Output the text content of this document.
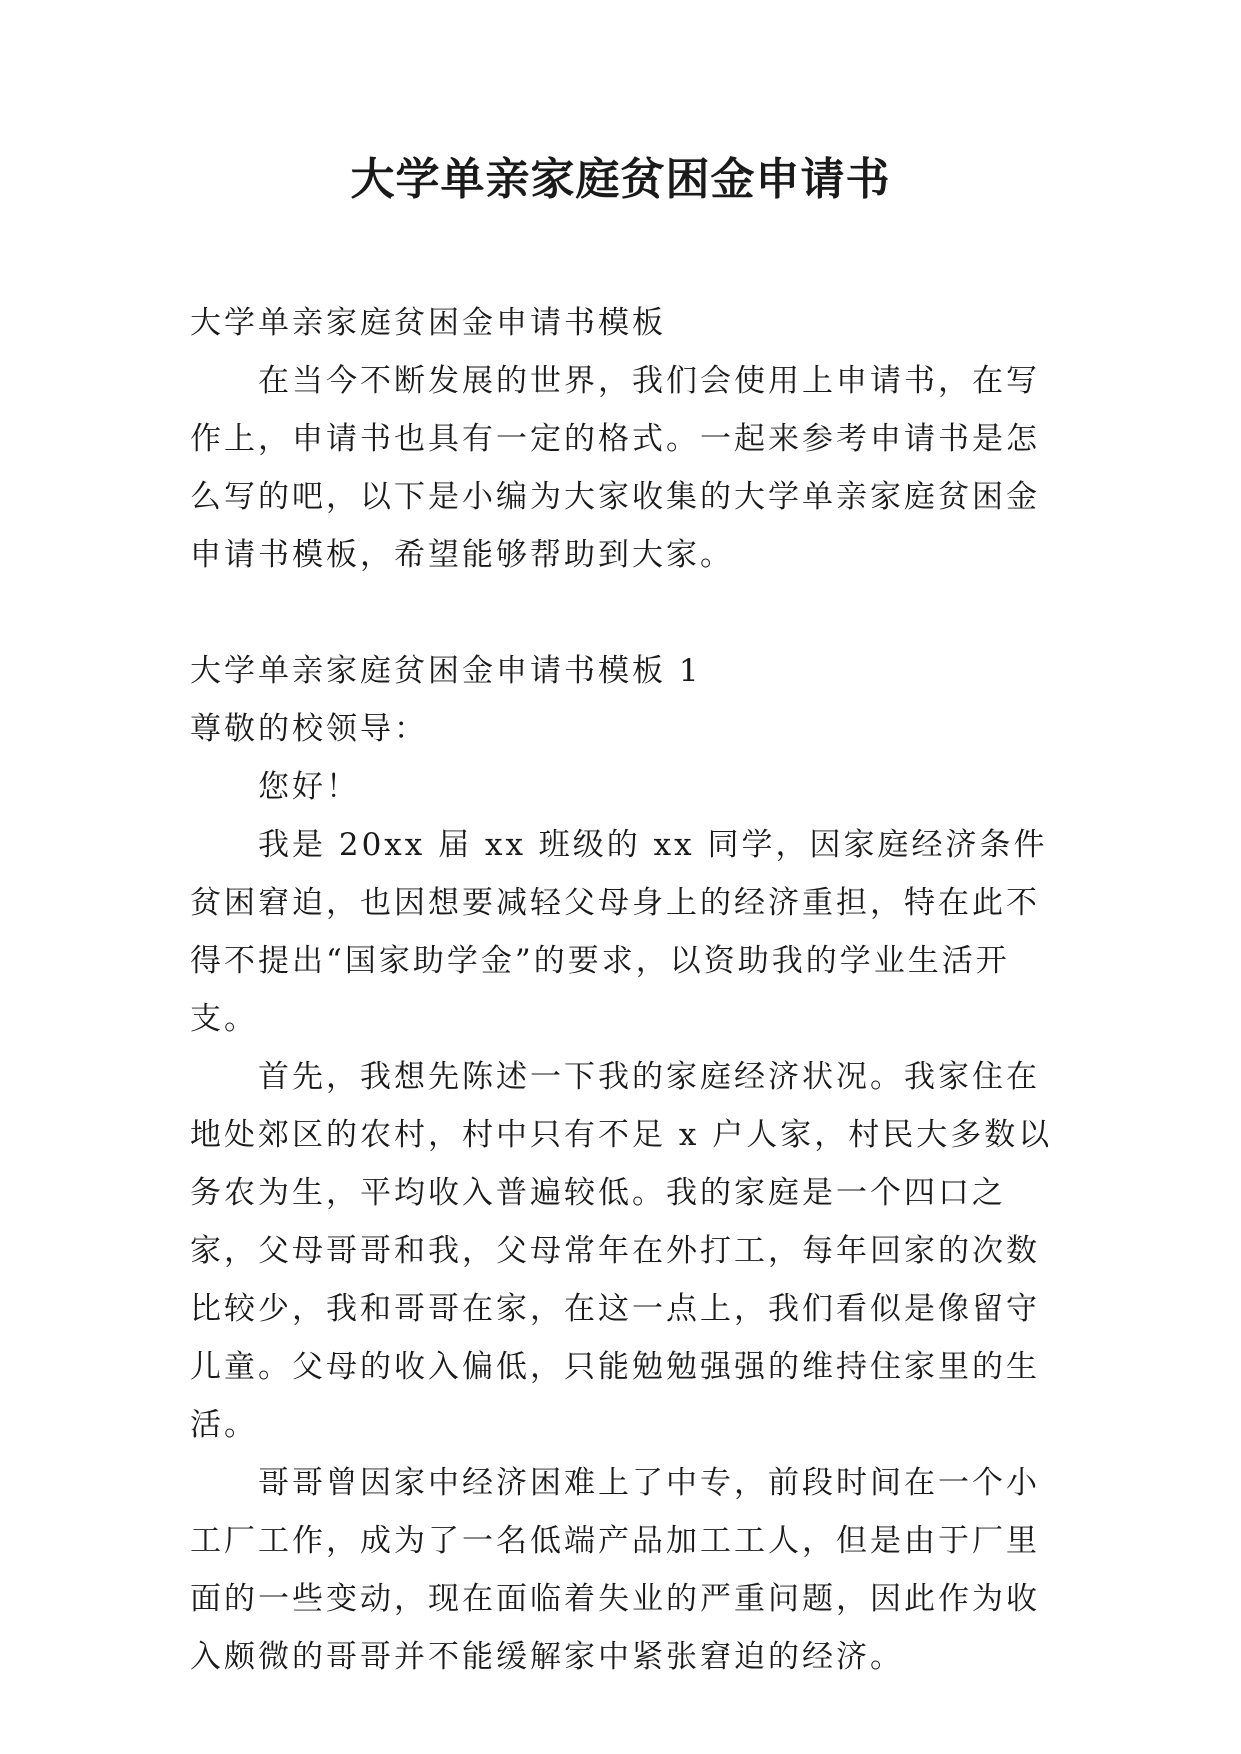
大学单亲家庭贫困金申请书

大学单亲家庭贫困金申请书模板

在当今不断发展的世界，我们会使用上申请书，在写作上，申请书也具有一定的格式。一起来参考申请书是怎么写的吧，以下是小编为大家收集的大学单亲家庭贫困金申请书模板，希望能够帮助到大家。

大学单亲家庭贫困金申请书模板 1

尊敬的校领导：

您好！

我是 20xx 届 xx 班级的 xx 同学，因家庭经济条件贫困窘迫，也因想要减轻父母身上的经济重担，特在此不得不提出“国家助学金”的要求，以资助我的学业生活开支。

首先，我想先陈述一下我的家庭经济状况。我家住在地处郊区的农村，村中只有不足 x 户人家，村民大多数以务农为生，平均收入普遍较低。我的家庭是一个四口之家，父母哥哥和我，父母常年在外打工，每年回家的次数比较少，我和哥哥在家，在这一点上，我们看似是像留守儿童。父母的收入偏低，只能勉勉强强的维持住家里的生活。

哥哥曾因家中经济困难上了中专，前段时间在一个小工厂工作，成为了一名低端产品加工工人，但是由于厂里面的一些变动，现在面临着失业的严重问题，因此作为收入颇微的哥哥并不能缓解家中紧张窘迫的经济。
